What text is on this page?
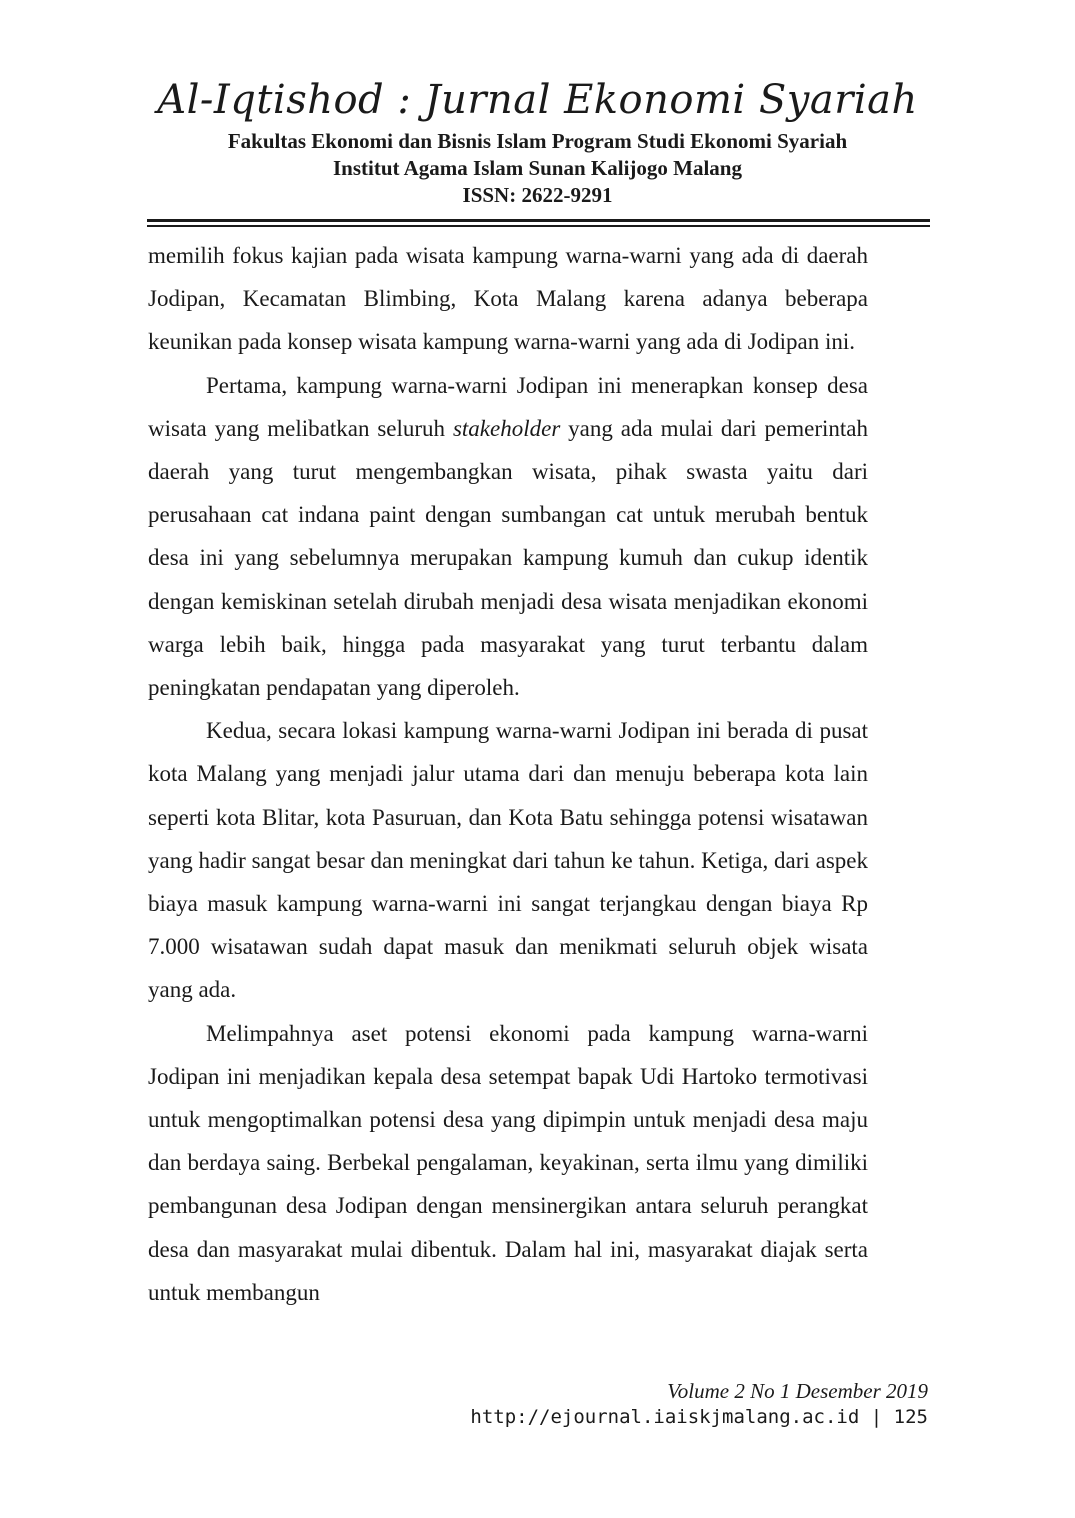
Al-Iqtishod : Jurnal Ekonomi Syariah
Fakultas Ekonomi dan Bisnis Islam Program Studi Ekonomi Syariah
Institut Agama Islam Sunan Kalijogo Malang
ISSN: 2622-9291

memilih fokus kajian pada wisata kampung warna-warni yang ada di daerah Jodipan, Kecamatan Blimbing, Kota Malang karena adanya beberapa keunikan pada konsep wisata kampung warna-warni yang ada di Jodipan ini.

Pertama, kampung warna-warni Jodipan ini menerapkan konsep desa wisata yang melibatkan seluruh stakeholder yang ada mulai dari pemerintah daerah yang turut mengembangkan wisata, pihak swasta yaitu dari perusahaan cat indana paint dengan sumbangan cat untuk merubah bentuk desa ini yang sebelumnya merupakan kampung kumuh dan cukup identik dengan kemiskinan setelah dirubah menjadi desa wisata menjadikan ekonomi warga lebih baik, hingga pada masyarakat yang turut terbantu dalam peningkatan pendapatan yang diperoleh.

Kedua, secara lokasi kampung warna-warni Jodipan ini berada di pusat kota Malang yang menjadi jalur utama dari dan menuju beberapa kota lain seperti kota Blitar, kota Pasuruan, dan Kota Batu sehingga potensi wisatawan yang hadir sangat besar dan meningkat dari tahun ke tahun. Ketiga, dari aspek biaya masuk kampung warna-warni ini sangat terjangkau dengan biaya Rp 7.000 wisatawan sudah dapat masuk dan menikmati seluruh objek wisata yang ada.

Melimpahnya aset potensi ekonomi pada kampung warna-warni Jodipan ini menjadikan kepala desa setempat bapak Udi Hartoko termotivasi untuk mengoptimalkan potensi desa yang dipimpin untuk menjadi desa maju dan berdaya saing. Berbekal pengalaman, keyakinan, serta ilmu yang dimiliki pembangunan desa Jodipan dengan mensinergikan antara seluruh perangkat desa dan masyarakat mulai dibentuk. Dalam hal ini, masyarakat diajak serta untuk membangun

Volume 2 No 1 Desember 2019
http://ejournal.iaiskjmalang.ac.id | 125
